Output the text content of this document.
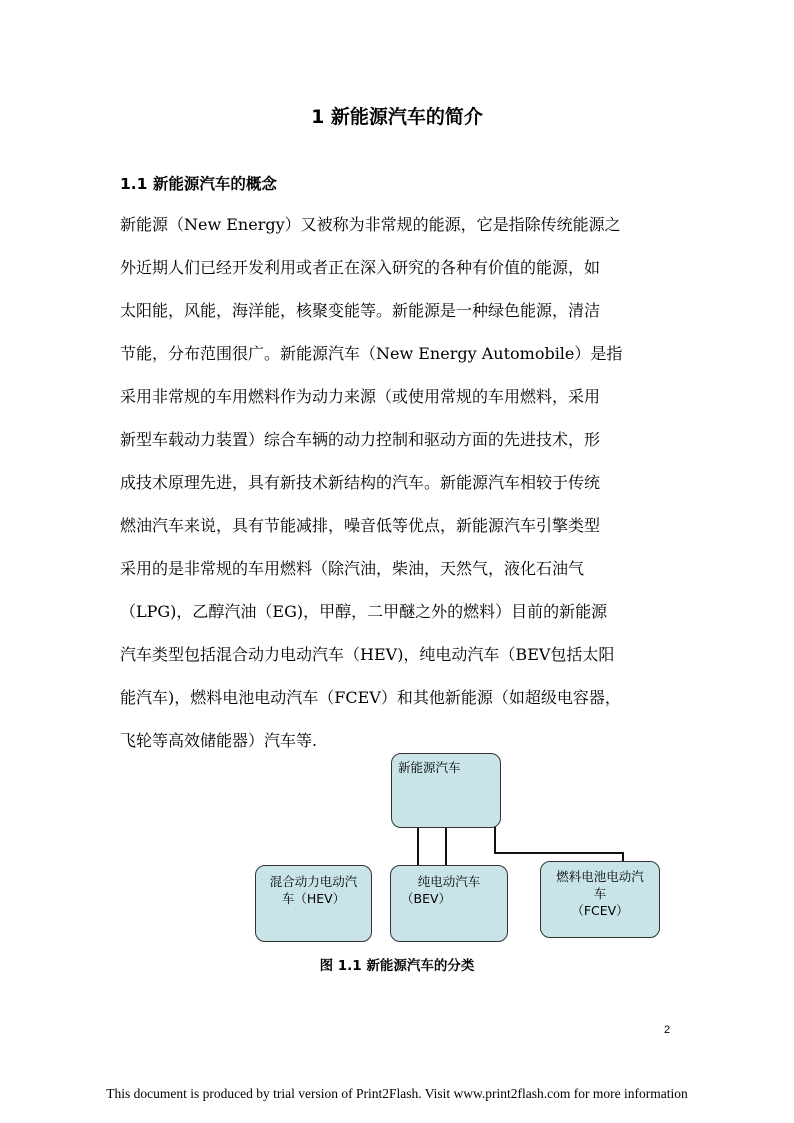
1 新能源汽车的简介
1.1 新能源汽车的概念
新能源（New Energy）又被称为非常规的能源，它是指除传统能源之
外近期人们已经开发利用或者正在深入研究的各种有价值的能源，如
太阳能，风能，海洋能，核聚变能等。新能源是一种绿色能源，清洁
节能，分布范围很广。新能源汽车（New Energy Automobile）是指
采用非常规的车用燃料作为动力来源（或使用常规的车用燃料，采用
新型车载动力装置）综合车辆的动力控制和驱动方面的先进技术，形
成技术原理先进，具有新技术新结构的汽车。新能源汽车相较于传统
燃油汽车来说，具有节能减排，噪音低等优点，新能源汽车引擎类型
采用的是非常规的车用燃料（除汽油，柴油，天然气，液化石油气
（LPG)，乙醇汽油（EG)，甲醇，二甲醚之外的燃料）目前的新能源
汽车类型包括混合动力电动汽车（HEV)，纯电动汽车（BEV包括太阳
能汽车)，燃料电池电动汽车（FCEV）和其他新能源（如超级电容器，
飞轮等高效储能器）汽车等.
新能源汽车
混合动力电动汽
车（HEV）
纯电动汽车
（BEV）
燃料电池电动汽
车
（FCEV）
图 1.1 新能源汽车的分类
2
This document is produced by trial version of Print2Flash. Visit www.print2flash.com for more information
